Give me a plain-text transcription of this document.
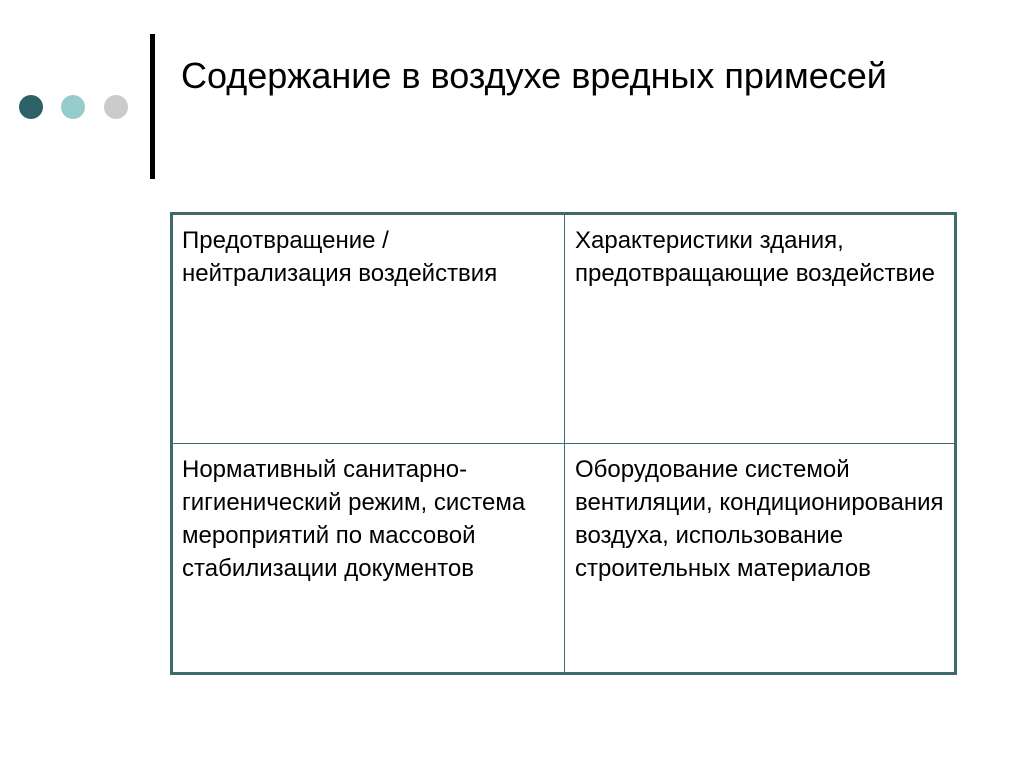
Содержание в воздухе вредных примесей
Предотвращение /нейтрализация воздействия
Характеристики здания, предотвращающие воздействие
Нормативный санитарно-гигиенический режим, система мероприятий по массовой стабилизации документов
Оборудование системой вентиляции, кондиционирования воздуха, использование строительных материалов
